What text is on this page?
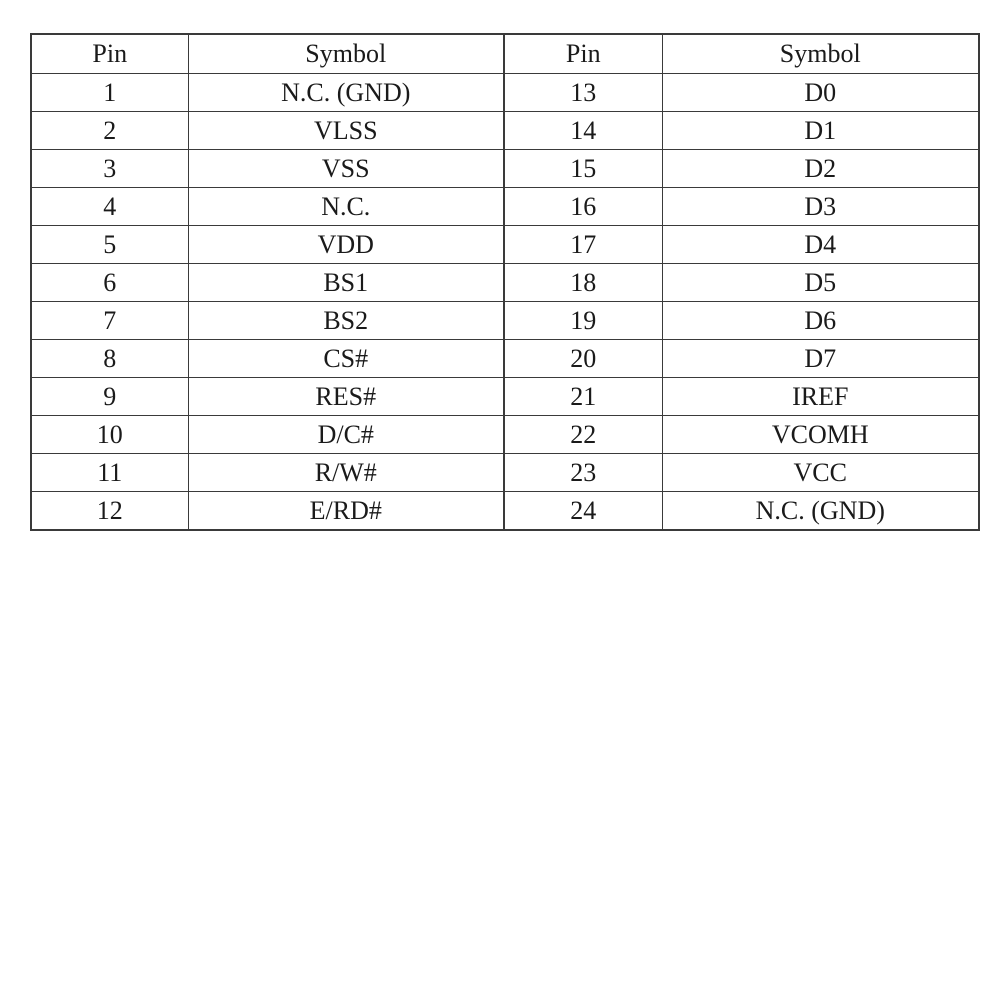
Pin	Symbol	Pin	Symbol
1	N.C. (GND)	13	D0
2	VLSS	14	D1
3	VSS	15	D2
4	N.C.	16	D3
5	VDD	17	D4
6	BS1	18	D5
7	BS2	19	D6
8	CS#	20	D7
9	RES#	21	IREF
10	D/C#	22	VCOMH
11	R/W#	23	VCC
12	E/RD#	24	N.C. (GND)
